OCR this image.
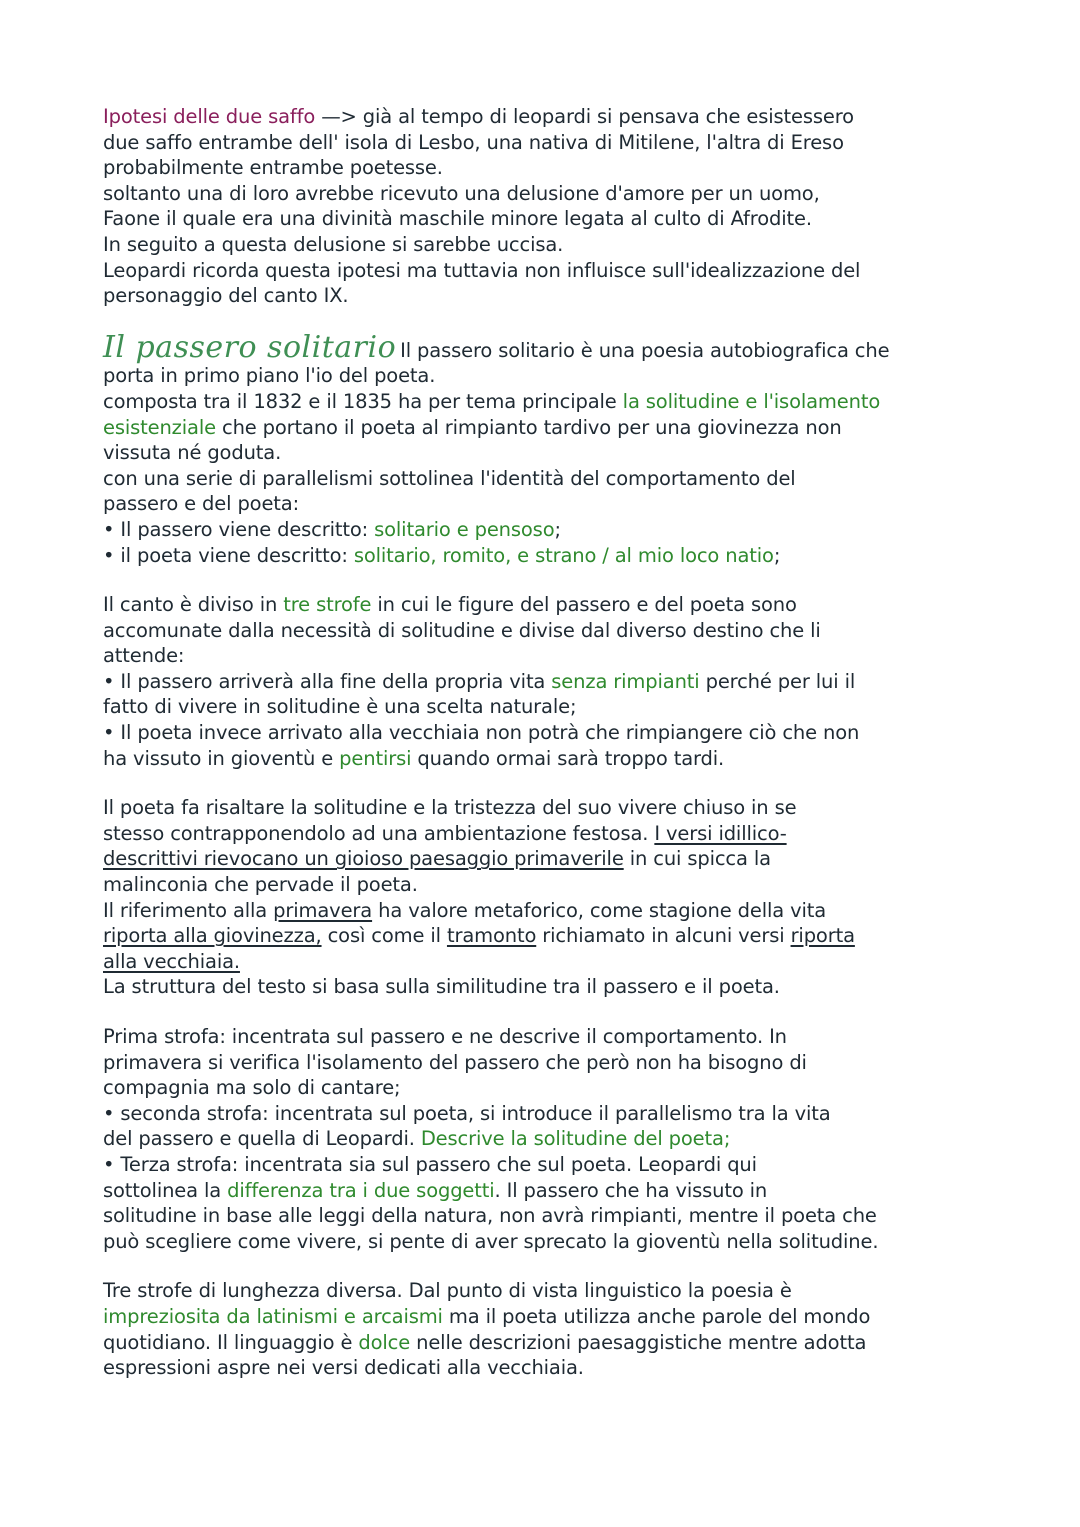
Ipotesi delle due saffo —> già al tempo di leopardi si pensava che esistessero

due saffo entrambe dell' isola di Lesbo, una nativa di Mitilene, l'altra di Ereso

probabilmente entrambe poetesse.

soltanto una di loro avrebbe ricevuto una delusione d'amore per un uomo,

Faone il quale era una divinità maschile minore legata al culto di Afrodite.

In seguito a questa delusione si sarebbe uccisa.

Leopardi ricorda questa ipotesi ma tuttavia non influisce sull'idealizzazione del

personaggio del canto IX.

Il passero solitario Il passero solitario è una poesia autobiografica che

porta in primo piano l'io del poeta.

composta tra il 1832 e il 1835 ha per tema principale la solitudine e l'isolamento

esistenziale che portano il poeta al rimpianto tardivo per una giovinezza non

vissuta né goduta.

con una serie di parallelismi sottolinea l'identità del comportamento del

passero e del poeta:

• Il passero viene descritto: solitario e pensoso;

• il poeta viene descritto: solitario, romito, e strano / al mio loco natio;

Il canto è diviso in tre strofe in cui le figure del passero e del poeta sono

accomunate dalla necessità di solitudine e divise dal diverso destino che li

attende:

• Il passero arriverà alla fine della propria vita senza rimpianti perché per lui il

fatto di vivere in solitudine è una scelta naturale;

• Il poeta invece arrivato alla vecchiaia non potrà che rimpiangere ciò che non

ha vissuto in gioventù e pentirsi quando ormai sarà troppo tardi.

Il poeta fa risaltare la solitudine e la tristezza del suo vivere chiuso in se

stesso contrapponendolo ad una ambientazione festosa. I versi idillico-

descrittivi rievocano un gioioso paesaggio primaverile in cui spicca la

malinconia che pervade il poeta.

Il riferimento alla primavera ha valore metaforico, come stagione della vita

riporta alla giovinezza, così come il tramonto richiamato in alcuni versi riporta

alla vecchiaia.

La struttura del testo si basa sulla similitudine tra il passero e il poeta.

Prima strofa: incentrata sul passero e ne descrive il comportamento. In

primavera si verifica l'isolamento del passero che però non ha bisogno di

compagnia ma solo di cantare;

• seconda strofa: incentrata sul poeta, si introduce il parallelismo tra la vita

del passero e quella di Leopardi. Descrive la solitudine del poeta;

• Terza strofa: incentrata sia sul passero che sul poeta. Leopardi qui

sottolinea la differenza tra i due soggetti. Il passero che ha vissuto in

solitudine in base alle leggi della natura, non avrà rimpianti, mentre il poeta che

può scegliere come vivere, si pente di aver sprecato la gioventù nella solitudine.

Tre strofe di lunghezza diversa. Dal punto di vista linguistico la poesia è

impreziosita da latinismi e arcaismi ma il poeta utilizza anche parole del mondo

quotidiano. Il linguaggio è dolce nelle descrizioni paesaggistiche mentre adotta

espressioni aspre nei versi dedicati alla vecchiaia.
